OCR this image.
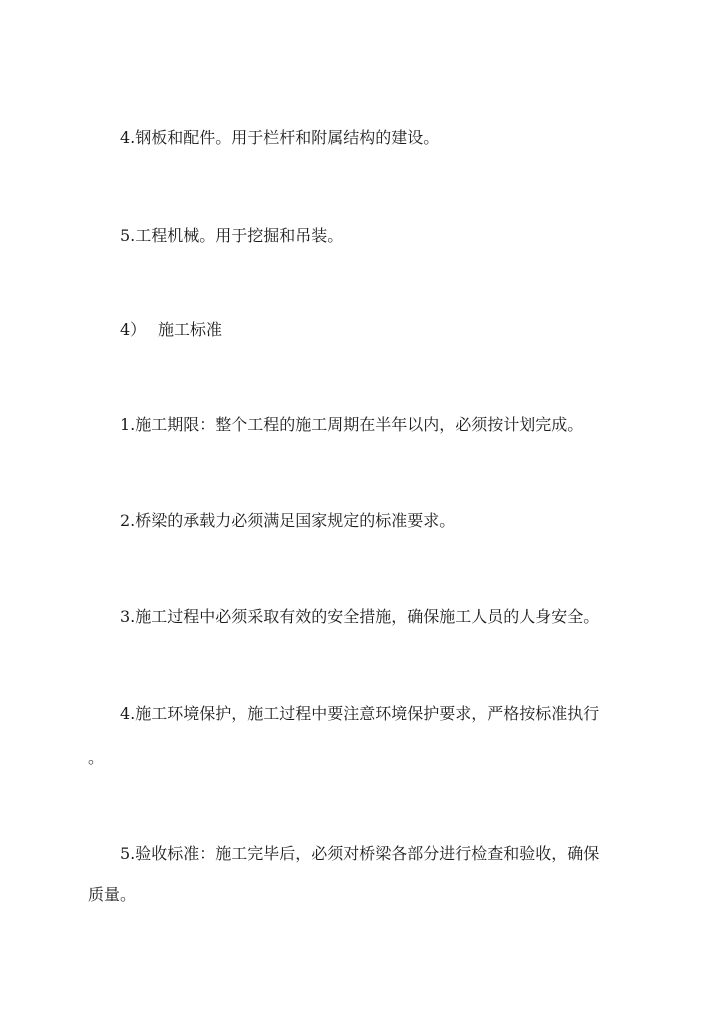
4.钢板和配件。用于栏杆和附属结构的建设。
5.工程机械。用于挖掘和吊装。
4） 施工标准
1.施工期限：整个工程的施工周期在半年以内，必须按计划完成。
2.桥梁的承载力必须满足国家规定的标准要求。
3.施工过程中必须采取有效的安全措施，确保施工人员的人身安全。
4.施工环境保护，施工过程中要注意环境保护要求，严格按标准执行
。
5.验收标准：施工完毕后，必须对桥梁各部分进行检查和验收，确保
质量。
